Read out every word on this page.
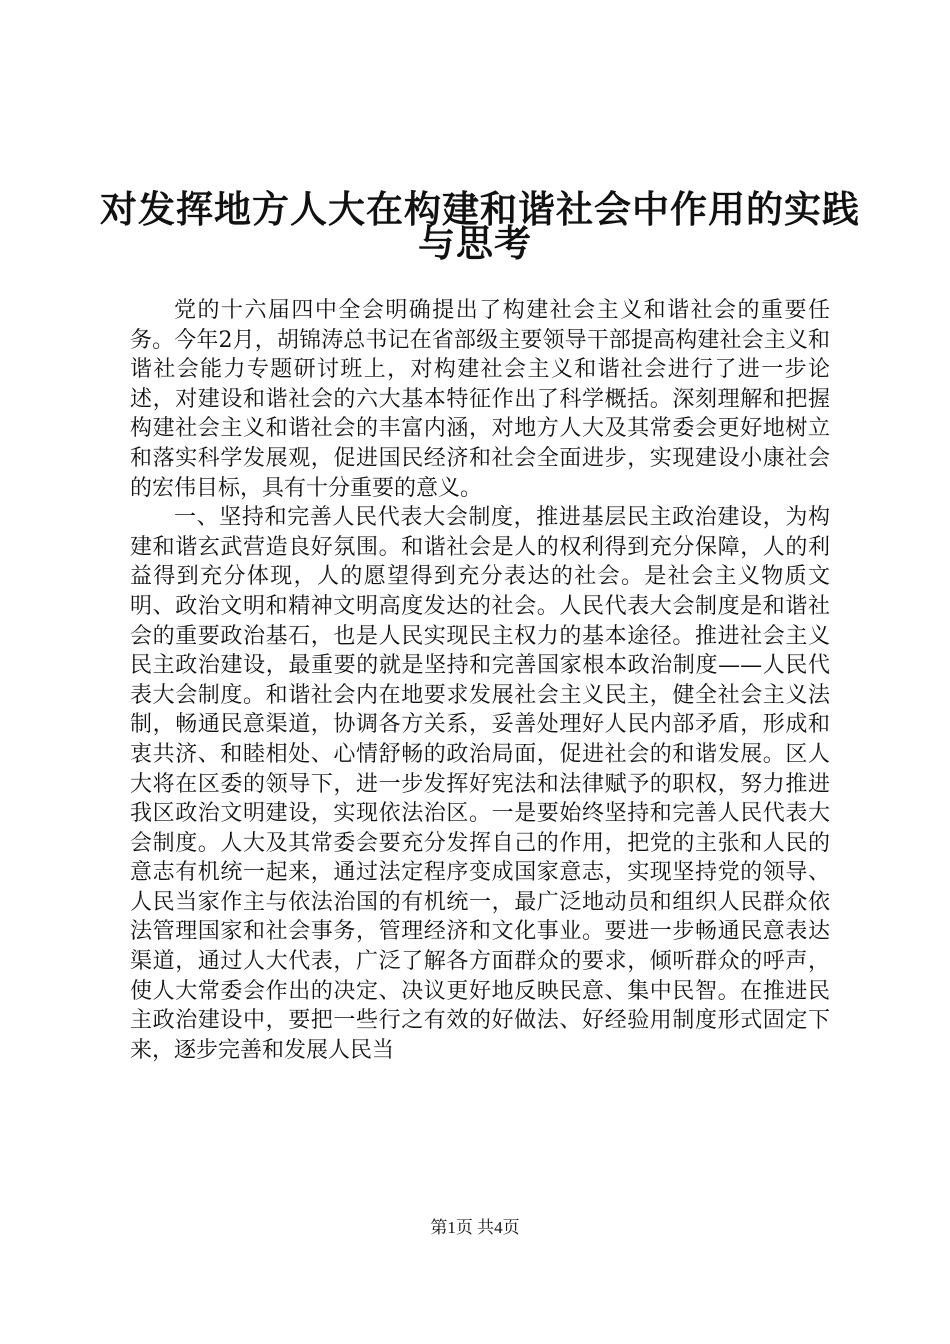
对发挥地方人大在构建和谐社会中作用的实践
与思考

党的十六届四中全会明确提出了构建社会主义和谐社会的重要任务。今年2月，胡锦涛总书记在省部级主要领导干部提高构建社会主义和谐社会能力专题研讨班上，对构建社会主义和谐社会进行了进一步论述，对建设和谐社会的六大基本特征作出了科学概括。深刻理解和把握构建社会主义和谐社会的丰富内涵，对地方人大及其常委会更好地树立和落实科学发展观，促进国民经济和社会全面进步，实现建设小康社会的宏伟目标，具有十分重要的意义。

一、坚持和完善人民代表大会制度，推进基层民主政治建设，为构建和谐玄武营造良好氛围。和谐社会是人的权利得到充分保障，人的利益得到充分体现，人的愿望得到充分表达的社会。是社会主义物质文明、政治文明和精神文明高度发达的社会。人民代表大会制度是和谐社会的重要政治基石，也是人民实现民主权力的基本途径。推进社会主义民主政治建设，最重要的就是坚持和完善国家根本政治制度——人民代表大会制度。和谐社会内在地要求发展社会主义民主，健全社会主义法制，畅通民意渠道，协调各方关系，妥善处理好人民内部矛盾，形成和衷共济、和睦相处、心情舒畅的政治局面，促进社会的和谐发展。区人大将在区委的领导下，进一步发挥好宪法和法律赋予的职权，努力推进我区政治文明建设，实现依法治区。一是要始终坚持和完善人民代表大会制度。人大及其常委会要充分发挥自己的作用，把党的主张和人民的意志有机统一起来，通过法定程序变成国家意志，实现坚持党的领导、人民当家作主与依法治国的有机统一，最广泛地动员和组织人民群众依法管理国家和社会事务，管理经济和文化事业。要进一步畅通民意表达渠道，通过人大代表，广泛了解各方面群众的要求，倾听群众的呼声，使人大常委会作出的决定、决议更好地反映民意、集中民智。在推进民主政治建设中，要把一些行之有效的好做法、好经验用制度形式固定下来，逐步完善和发展人民当

第1页 共4页
